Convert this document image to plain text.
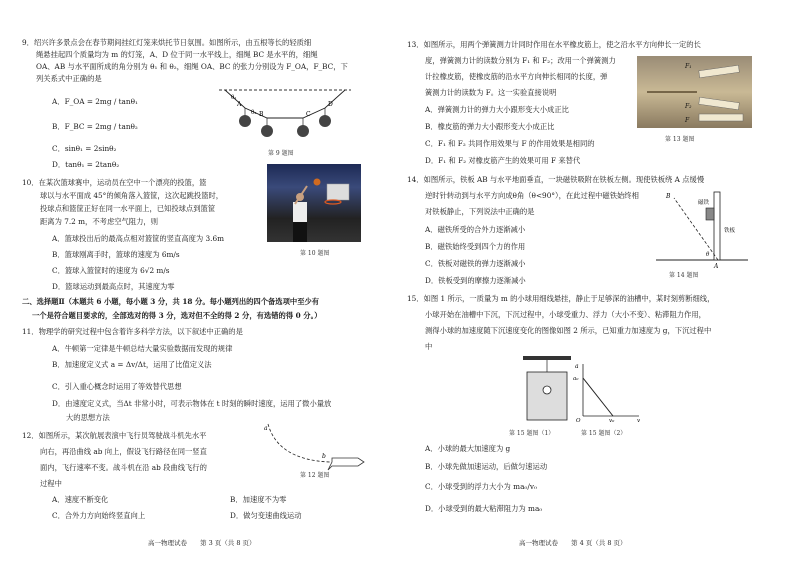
9．绍兴许多景点会在春节期间挂红灯笼来烘托节日氛围。如图所示，由五根等长的轻质细
绳悬挂起四个质量均为 m 的灯笼，A、D 位于同一水平线上，细绳 BC 是水平的，细绳
OA、AB 与水平面所成的角分别为 θ₁ 和 θ₂，细绳 OA、BC 的张力分别设为 F_OA，F_BC，下
列关系式中正确的是
A．F_OA = 2mg / tanθ₁
B．F_BC = 2mg / tanθ₂
C．sinθ₁ = 2sinθ₂
D．tanθ₁ = 2tanθ₂
A
B	C
D
θ₁
θ₂
第 9 题图
10．在某次篮球赛中，运动员在空中一个漂亮的投篮，篮
球以与水平面成 45°的倾角落入篮筐，这次起跳投篮时，
投球点和篮筐正好在同一水平面上，已知投球点到篮筐
距离为 7.2 m，不考虑空气阻力，则
A．篮球投出后的最高点相对篮筐的竖直高度为 3.6m
B．篮球刚离手时，篮球的速度为 6m/s
C．篮球入篮筐时的速度为 6√2 m/s
D．篮球运动到最高点时，其速度为零
第 10 题图
二、选择题Ⅱ（本题共 6 小题，每小题 3 分，共 18 分。每小题列出的四个备选项中至少有
一个是符合题目要求的，全部选对的得 3 分，选对但不全的得 2 分，有选错的得 0 分。）
11．物理学的研究过程中包含着许多科学方法，以下叙述中正确的是
A．牛顿第一定律是牛顿总结大量实验数据而发现的规律
B．加速度定义式 a = Δv/Δt，运用了比值定义法
C．引入重心概念时运用了等效替代思想
D．由速度定义式，当Δt 非常小时，可表示物体在 t 时刻的瞬时速度，运用了微小量放
大的思想方法
12．如图所示，某次航展表演中飞行员驾驶战斗机先水平
向右，再沿曲线 ab 向上，假设飞行路径在同一竖直
面内，飞行速率不变。战斗机在沿 ab 段曲线飞行的
过程中
A．速度不断变化	B．加速度不为零
C．合外力方向始终竖直向上	D．做匀变速曲线运动
a
b
第 12 题图
高一物理试卷　　第 3 页（共 8 页）
13．如图所示，用两个弹簧测力计同时作用在水平橡皮筋上，使之沿水平方向伸长一定的长
度，弹簧测力计的读数分别为 F₁ 和 F₂；改用一个弹簧测力
计拉橡皮筋，使橡皮筋的沿水平方向伸长相同的长度，弹
簧测力计的读数为 F。这一实验直接说明
A．弹簧测力计的弹力大小跟形变大小成正比
B．橡皮筋的弹力大小跟形变大小成正比
C．F₁ 和 F₂ 共同作用效果与 F 的作用效果是相同的
D．F₁ 和 F₂ 对橡皮筋产生的效果可用 F 来替代
F₁
F₂
F
第 13 题图
14．如图所示，铁板 AB 与水平地面垂直，一块磁铁吸附在铁板左侧。现使铁板绕 A 点缓慢
逆时针转动到与水平方向成θ角（θ<90°），在此过程中磁铁始终相
对铁板静止，下列说法中正确的是
A．磁铁所受的合外力逐渐减小
B．磁铁始终受到四个力的作用
C．铁板对磁铁的弹力逐渐减小
D．铁板受到的摩擦力逐渐减小
B
磁铁
铁板
A
θ
第 14 题图
15．如图 1 所示，一质量为 m 的小球用细线悬挂，静止于足够深的油槽中，某时刻剪断细线，
小球开始在油槽中下沉，下沉过程中，小球受重力、浮力（大小不变）、粘滞阻力作用，
测得小球的加速度随下沉速度变化的图像如图 2 所示，已知重力加速度为 g，下沉过程中
中
第 15 题图（1）
a
a₀
O	v₀	v
第 15 题图（2）
A．小球的最大加速度为 g
B．小球先做加速运动，后做匀速运动
C．小球受到的浮力大小为 ma₀/v₀
D．小球受到的最大粘滞阻力为 ma₀
高一物理试卷　　第 4 页（共 8 页）
